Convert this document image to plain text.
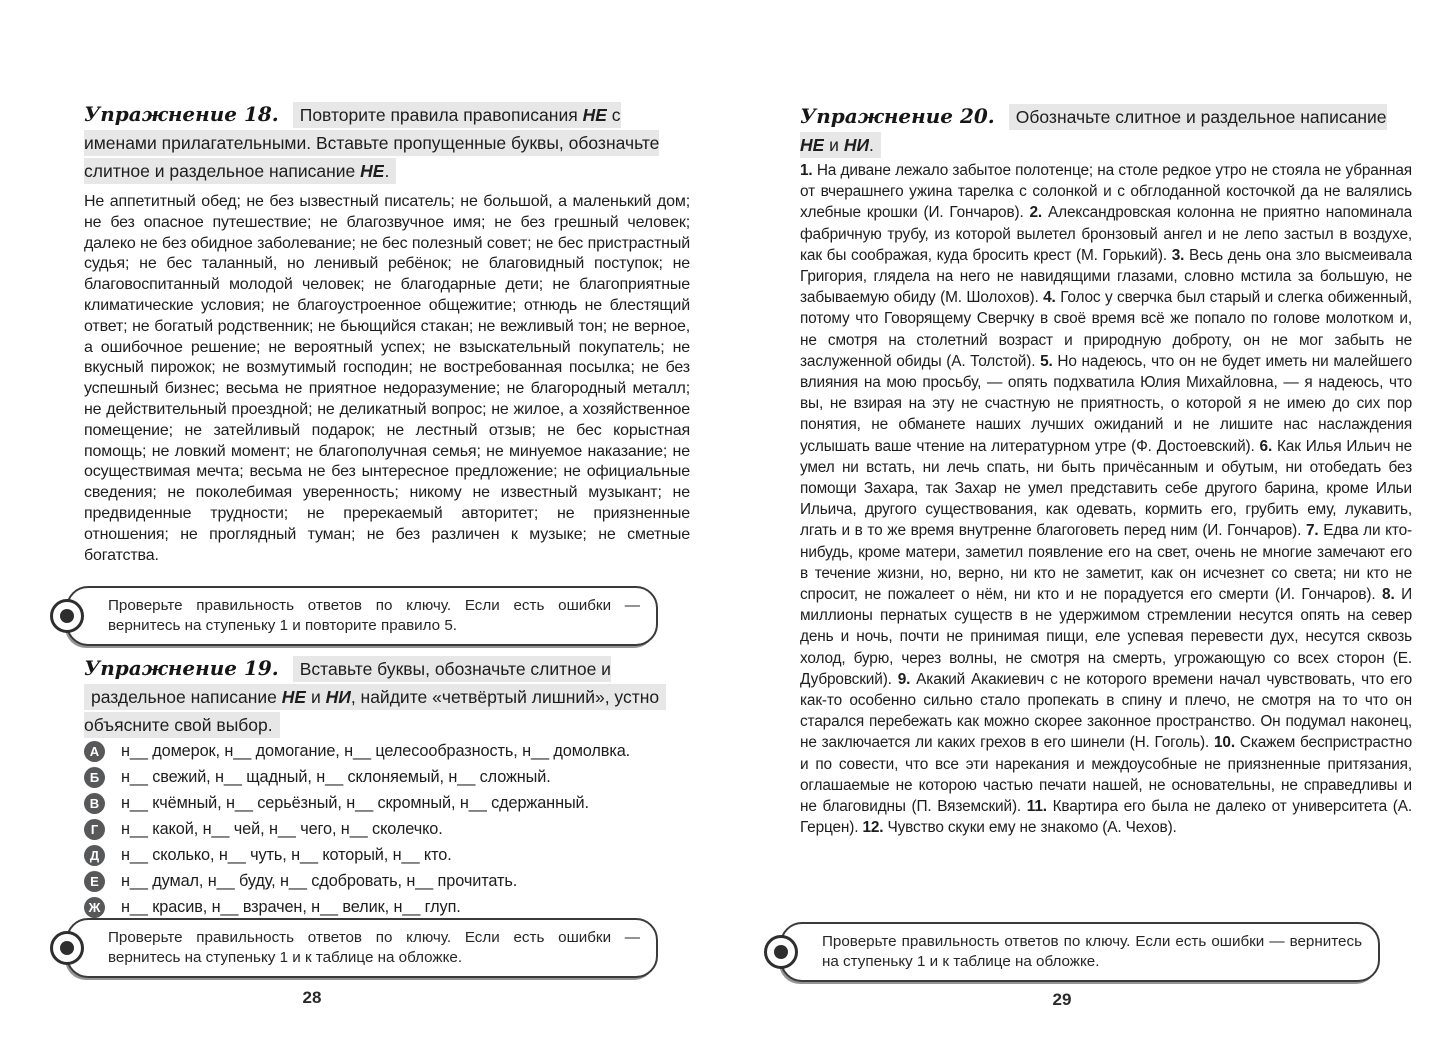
Упражнение 18. Повторите правила правописания НЕ с именами прилагательными. Вставьте пропущенные буквы, обозначьте слитное и раздельное написание НЕ.

Не аппетитный обед; не без ызвестный писатель; не большой, а маленький дом; не без опасное путешествие; не благозвучное имя; не без грешный человек; далеко не без обидное заболевание; не бес полезный совет; не бес пристрастный судья; не бес таланный, но ленивый ребёнок; не благовидный поступок; не благовоспитанный молодой человек; не благодарные дети; не благоприятные климатические условия; не благоустроенное общежитие; отнюдь не блестящий ответ; не богатый родственник; не бьющийся стакан; не вежливый тон; не верное, а ошибочное решение; не вероятный успех; не взыскательный покупатель; не вкусный пирожок; не возмутимый господин; не востребованная посылка; не без успешный бизнес; весьма не приятное недоразумение; не благородный металл; не действительный проездной; не деликатный вопрос; не жилое, а хозяйственное помещение; не затейливый подарок; не лестный отзыв; не бес корыстная помощь; не ловкий момент; не благополучная семья; не минуемое наказание; не осуществимая мечта; весьма не без ынтересное предложение; не официальные сведения; не поколебимая уверенность; никому не известный музыкант; не предвиденные трудности; не пререкаемый авторитет; не приязненные отношения; не проглядный туман; не без различен к музыке; не сметные богатства.

Проверьте правильность ответов по ключу. Если есть ошибки — вернитесь на ступеньку 1 и повторите правило 5.

Упражнение 19. Вставьте буквы, обозначьте слитное и раздельное написание НЕ и НИ, найдите «четвёртый лишний», устно объясните свой выбор.

А	н__ домерок, н__ домогание, н__ целесообразность, н__ домолвка.
Б	н__ свежий, н__ щадный, н__ склоняемый, н__ сложный.
В	н__ кчёмный, н__ серьёзный, н__ скромный, н__ сдержанный.
Г	н__ какой, н__ чей, н__ чего, н__ сколечко.
Д	н__ сколько, н__ чуть, н__ который, н__ кто.
Е	н__ думал, н__ буду, н__ сдобровать, н__ прочитать.
Ж н__ красив, н__ взрачен, н__ велик, н__ глуп.

Проверьте правильность ответов по ключу. Если есть ошибки — вернитесь на ступеньку 1 и к таблице на обложке.

28

Упражнение 20. Обозначьте слитное и раздельное написание НЕ и НИ.

1. На диване лежало забытое полотенце; на столе редкое утро не стояла не убранная от вчерашнего ужина тарелка с солонкой и с обглоданной косточкой да не валялись хлебные крошки (И. Гончаров). 2. Александровская колонна не приятно напоминала фабричную трубу, из которой вылетел бронзовый ангел и не лепо застыл в воздухе, как бы соображая, куда бросить крест (М. Горький). 3. Весь день она зло высмеивала Григория, глядела на него не навидящими глазами, словно мстила за большую, не забываемую обиду (М. Шолохов). 4. Голос у сверчка был старый и слегка обиженный, потому что Говорящему Сверчку в своё время всё же попало по голове молотком и, не смотря на столетний возраст и природную доброту, он не мог забыть не заслуженной обиды (А. Толстой). 5. Но надеюсь, что он не будет иметь ни малейшего влияния на мою просьбу, — опять подхватила Юлия Михайловна, — я надеюсь, что вы, не взирая на эту не счастную не приятность, о которой я не имею до сих пор понятия, не обманете наших лучших ожиданий и не лишите нас наслаждения услышать ваше чтение на литературном утре (Ф. Достоевский). 6. Как Илья Ильич не умел ни встать, ни лечь спать, ни быть причёсанным и обутым, ни отобедать без помощи Захара, так Захар не умел представить себе другого барина, кроме Ильи Ильича, другого существования, как одевать, кормить его, грубить ему, лукавить, лгать и в то же время внутренне благоговеть перед ним (И. Гончаров). 7. Едва ли кто-нибудь, кроме матери, заметил появление его на свет, очень не многие замечают его в течение жизни, но, верно, ни кто не заметит, как он исчезнет со света; ни кто не спросит, не пожалеет о нём, ни кто и не порадуется его смерти (И. Гончаров). 8. И миллионы пернатых существ в не удержимом стремлении несутся опять на север день и ночь, почти не принимая пищи, еле успевая перевести дух, несутся сквозь холод, бурю, через волны, не смотря на смерть, угрожающую со всех сторон (Е. Дубровский). 9. Акакий Акакиевич с не которого времени начал чувствовать, что его как-то особенно сильно стало пропекать в спину и плечо, не смотря на то что он старался перебежать как можно скорее законное пространство. Он подумал наконец, не заключается ли каких грехов в его шинели (Н. Гоголь). 10. Скажем беспристрастно и по совести, что все эти нарекания и междоусобные не приязненные притязания, оглашаемые не которою частью печати нашей, не основательны, не справедливы и не благовидны (П. Вяземский). 11. Квартира его была не далеко от университета (А. Герцен). 12. Чувство скуки ему не знакомо (А. Чехов).

Проверьте правильность ответов по ключу. Если есть ошибки — вернитесь на ступеньку 1 и к таблице на обложке.

29
